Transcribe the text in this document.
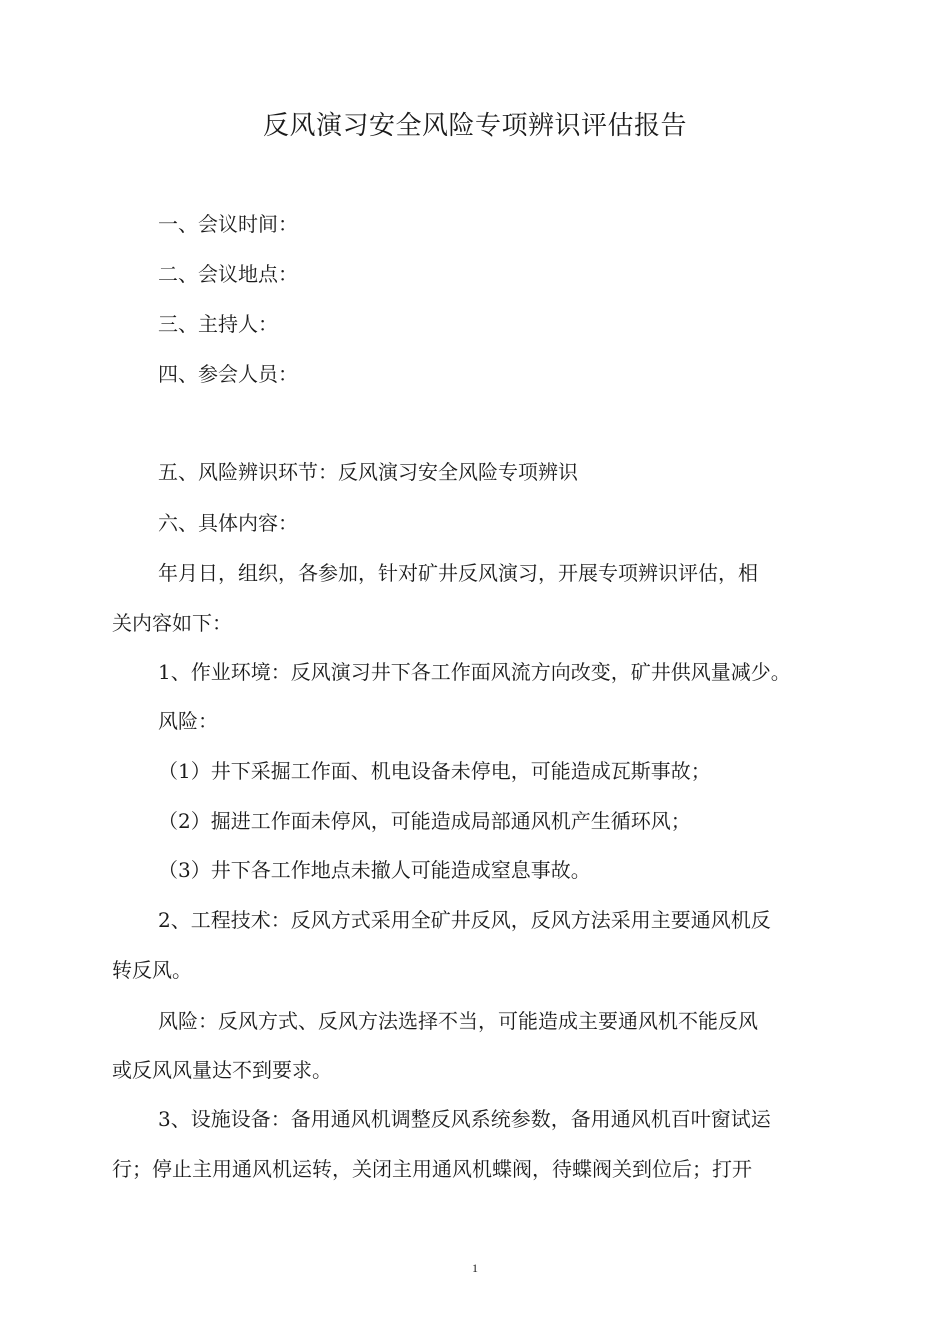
反风演习安全风险专项辨识评估报告
一、会议时间：
二、会议地点：
三、主持人：
四、参会人员：
五、风险辨识环节：反风演习安全风险专项辨识
六、具体内容：
年月日，组织，各参加，针对矿井反风演习，开展专项辨识评估，相
关内容如下：
1、作业环境：反风演习井下各工作面风流方向改变，矿井供风量减少。
风险：
（1）井下采掘工作面、机电设备未停电，可能造成瓦斯事故；
（2）掘进工作面未停风，可能造成局部通风机产生循环风；
（3）井下各工作地点未撤人可能造成窒息事故。
2、工程技术：反风方式采用全矿井反风，反风方法采用主要通风机反
转反风。
风险：反风方式、反风方法选择不当，可能造成主要通风机不能反风
或反风风量达不到要求。
3、设施设备：备用通风机调整反风系统参数，备用通风机百叶窗试运
行；停止主用通风机运转，关闭主用通风机蝶阀，待蝶阀关到位后；打开
1
